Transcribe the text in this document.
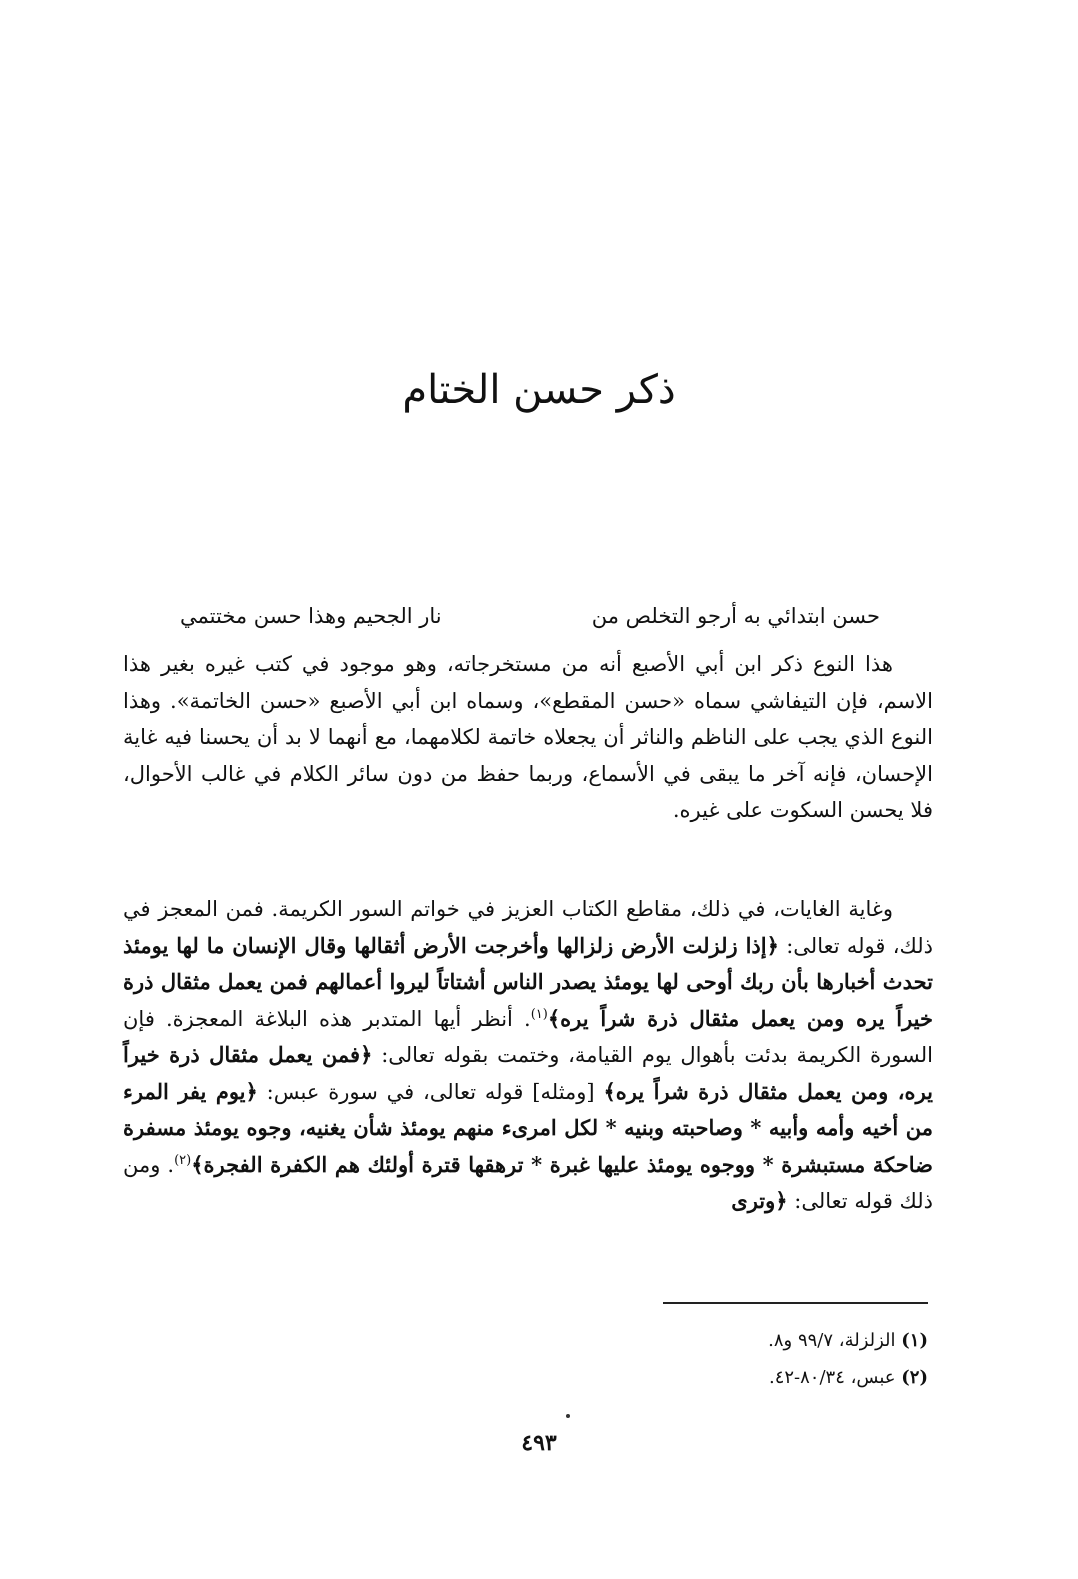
ذكر حسن الختام
حسن ابتدائي به أرجو التخلص من
نار الجحيم وهذا حسن مختتمي

هذا النوع ذكر ابن أبي الأصبع أنه من مستخرجاته، وهو موجود في كتب غيره بغير هذا الاسم، فإن التيفاشي سماه «حسن المقطع»، وسماه ابن أبي الأصبع «حسن الخاتمة». وهذا النوع الذي يجب على الناظم والناثر أن يجعلاه خاتمة لكلامهما، مع أنهما لا بد أن يحسنا فيه غاية الإحسان، فإنه آخر ما يبقى في الأسماع، وربما حفظ من دون سائر الكلام في غالب الأحوال، فلا يحسن السكوت على غيره.

وغاية الغايات، في ذلك، مقاطع الكتاب العزيز في خواتم السور الكريمة. فمن المعجز في ذلك، قوله تعالى: ﴿إذا زلزلت الأرض زلزالها وأخرجت الأرض أثقالها وقال الإنسان ما لها يومئذ تحدث أخبارها بأن ربك أوحى لها يومئذ يصدر الناس أشتاتاً ليروا أعمالهم فمن يعمل مثقال ذرة خيراً يره ومن يعمل مثقال ذرة شراً يره﴾$^{(١)}$. أنظر أيها المتدبر هذه البلاغة المعجزة. فإن السورة الكريمة بدئت بأهوال يوم القيامة، وختمت بقوله تعالى: ﴿فمن يعمل مثقال ذرة خيراً يره، ومن يعمل مثقال ذرة شراً يره﴾ [ومثله] قوله تعالى، في سورة عبس: ﴿يوم يفر المرء من أخيه وأمه وأبيه * وصاحبته وبنيه * لكل امرىء منهم يومئذ شأن يغنيه، وجوه يومئذ مسفرة ضاحكة مستبشرة * ووجوه يومئذ عليها غبرة * ترهقها قترة أولئك هم الكفرة الفجرة﴾$^{(٢)}$. ومن ذلك قوله تعالى: ﴿وترى

(١) الزلزلة، ٩٩/٧ و٨.

(٢) عبس، ٨٠/٣٤-٤٢.

٤٩٣
